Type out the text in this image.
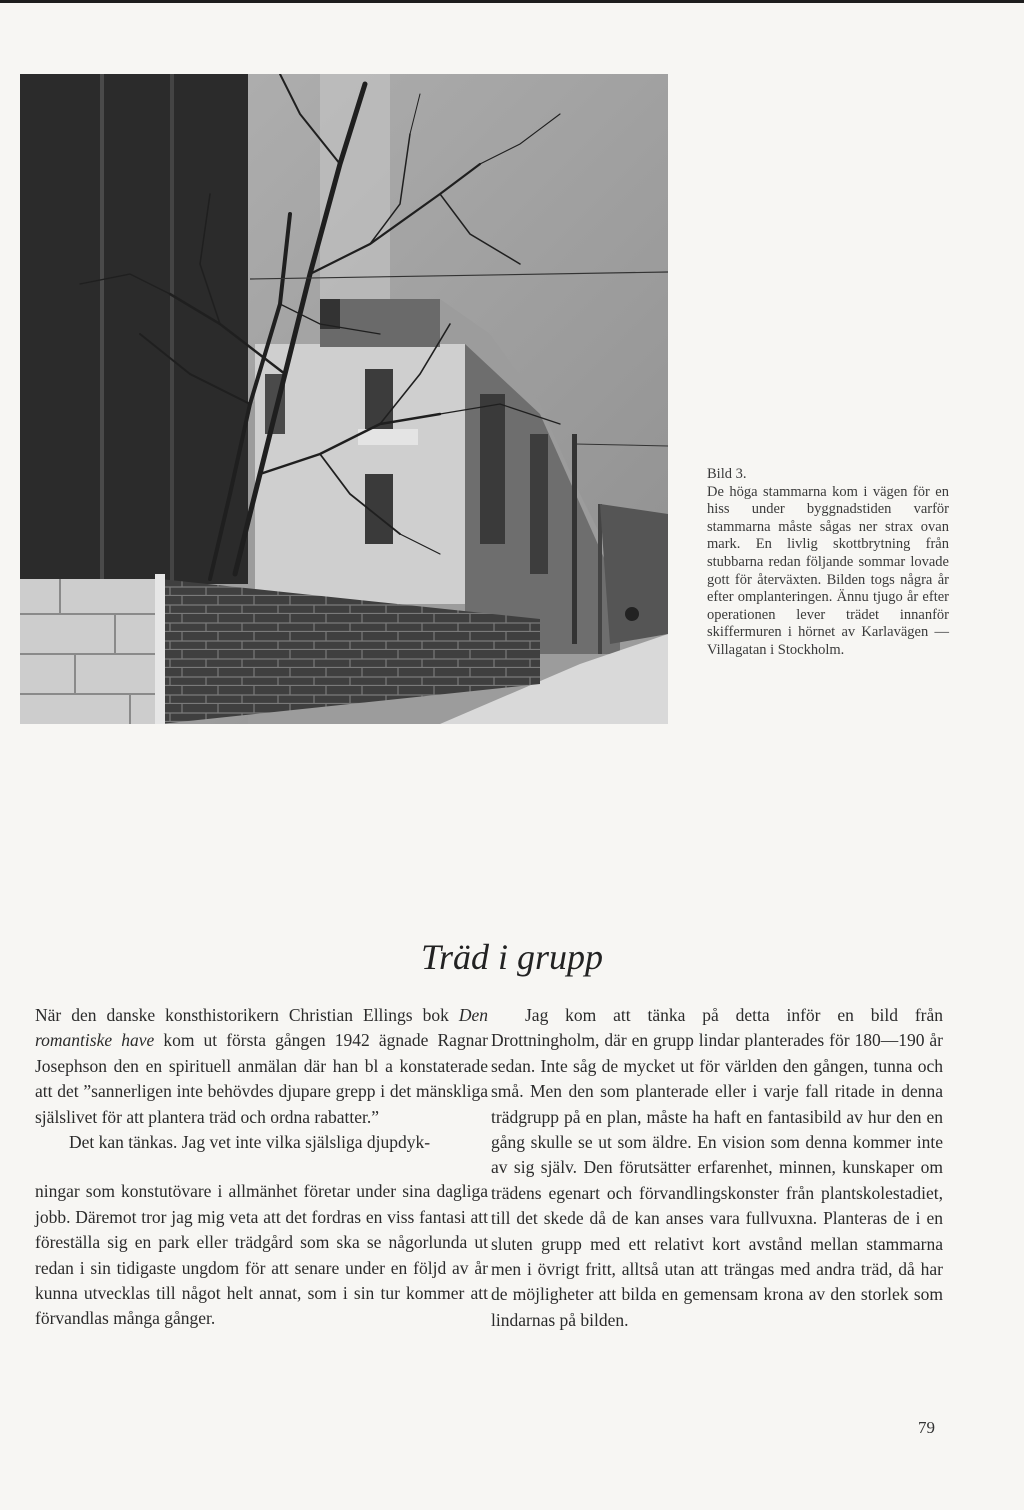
Bild 3.
De höga stammarna kom i vägen för en hiss under byggnadstiden varför stammarna måste sågas ner strax ovan mark. En livlig skottbrytning från stubbarna redan följande sommar lovade gott för återväxten. Bilden togs några år efter omplanteringen. Ännu tjugo år efter operationen lever trädet innanför skiffermuren i hörnet av Karlavägen — Villagatan i Stockholm.
Träd i grupp

När den danske konsthistorikern Christian Ellings bok Den romantiske have kom ut första gången 1942 ägnade Ragnar Josephson den en spirituell anmälan där han bl a konstaterade att det ”sannerligen inte behövdes djupare grepp i det mänskliga själslivet för att plantera träd och ordna rabatter.”

Det kan tänkas. Jag vet inte vilka själsliga djupdyk-

ningar som konstutövare i allmänhet företar under sina dagliga jobb. Däremot tror jag mig veta att det fordras en viss fantasi att föreställa sig en park eller trädgård som ska se någorlunda ut redan i sin tidigaste ungdom för att senare under en följd av år kunna utvecklas till något helt annat, som i sin tur kommer att förvandlas många gånger.

Jag kom att tänka på detta inför en bild från Drottningholm, där en grupp lindar planterades för 180—190 år sedan. Inte såg de mycket ut för världen den gången, tunna och små. Men den som planterade eller i varje fall ritade in denna trädgrupp på en plan, måste ha haft en fantasibild av hur den en gång skulle se ut som äldre. En vision som denna kommer inte av sig själv. Den förutsätter erfarenhet, minnen, kunskaper om trädens egenart och förvandlingskonster från plantskolestadiet, till det skede då de kan anses vara fullvuxna. Planteras de i en sluten grupp med ett relativt kort avstånd mellan stammarna men i övrigt fritt, alltså utan att trängas med andra träd, då har de möjligheter att bilda en gemensam krona av den storlek som lindarnas på bilden.

79
